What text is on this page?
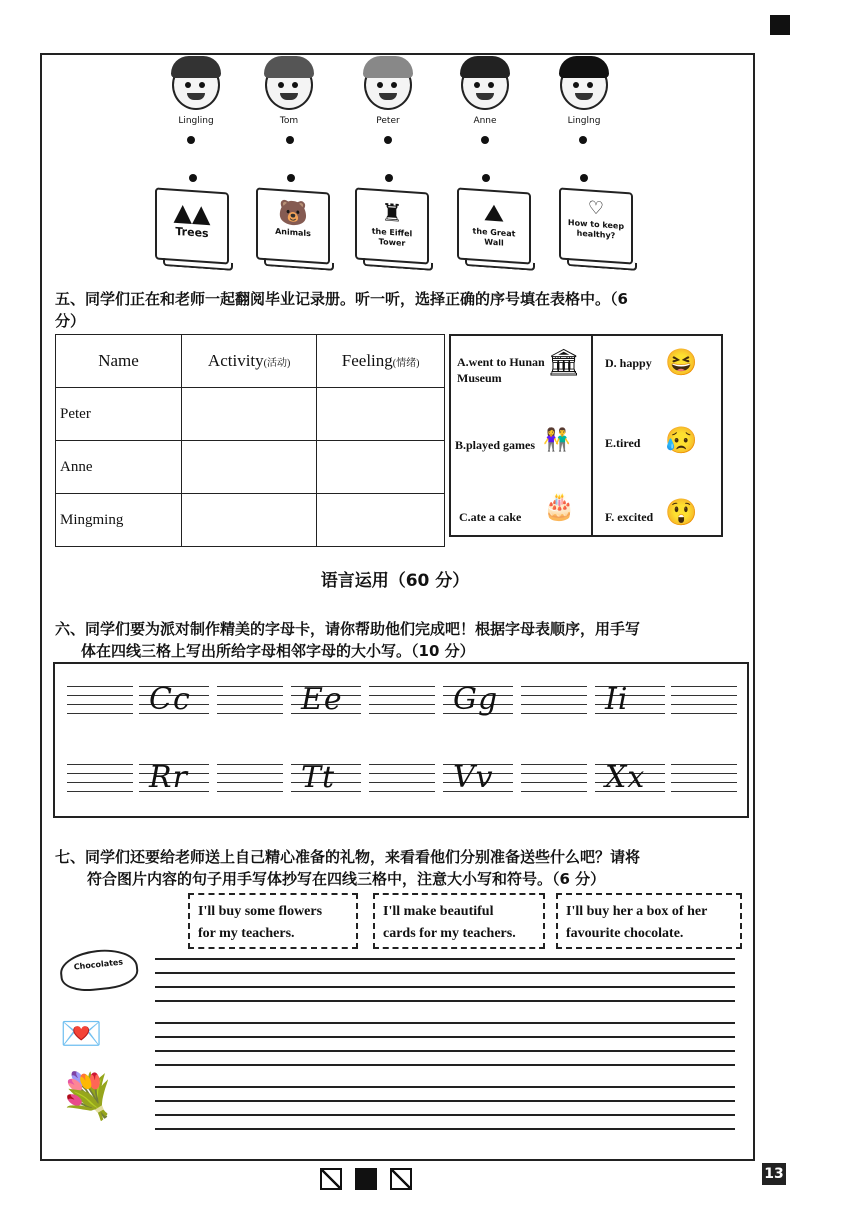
Lingling	Tom	Peter	Anne	Linglng
▲▲
Trees
🐻
Animals
♜
the Eiffel Tower
⛰
the Great Wall
♡
How to keep healthy?
五、同学们正在和老师一起翻阅毕业记录册。听一听，选择正确的序号填在表格中。（6
分）
Name	Activity(活动)	Feeling(情绪)
Peter		
Anne		
Mingming		
A.went to Hunan Museum	🏛
B.played games 👫
C.ate a cake 🎂
D. happy 😆
E.tired 😥
F. excited 😲
语言运用（60 分）
六、同学们要为派对制作精美的字母卡，请你帮助他们完成吧！根据字母表顺序，用手写
体在四线三格上写出所给字母相邻字母的大小写。（10 分）
Cc	Ee	Gg	Ii
Rr	Tt	Vv	Xx
七、同学们还要给老师送上自己精心准备的礼物，来看看他们分别准备送些什么吧？请将
符合图片内容的句子用手写体抄写在四线三格中，注意大小写和符号。（6 分）
I'll buy some flowers
for my teachers.
I'll make beautiful
cards for my teachers.
I'll buy her a box of her
favourite chocolate.
Chocolates
💌
💐
13
